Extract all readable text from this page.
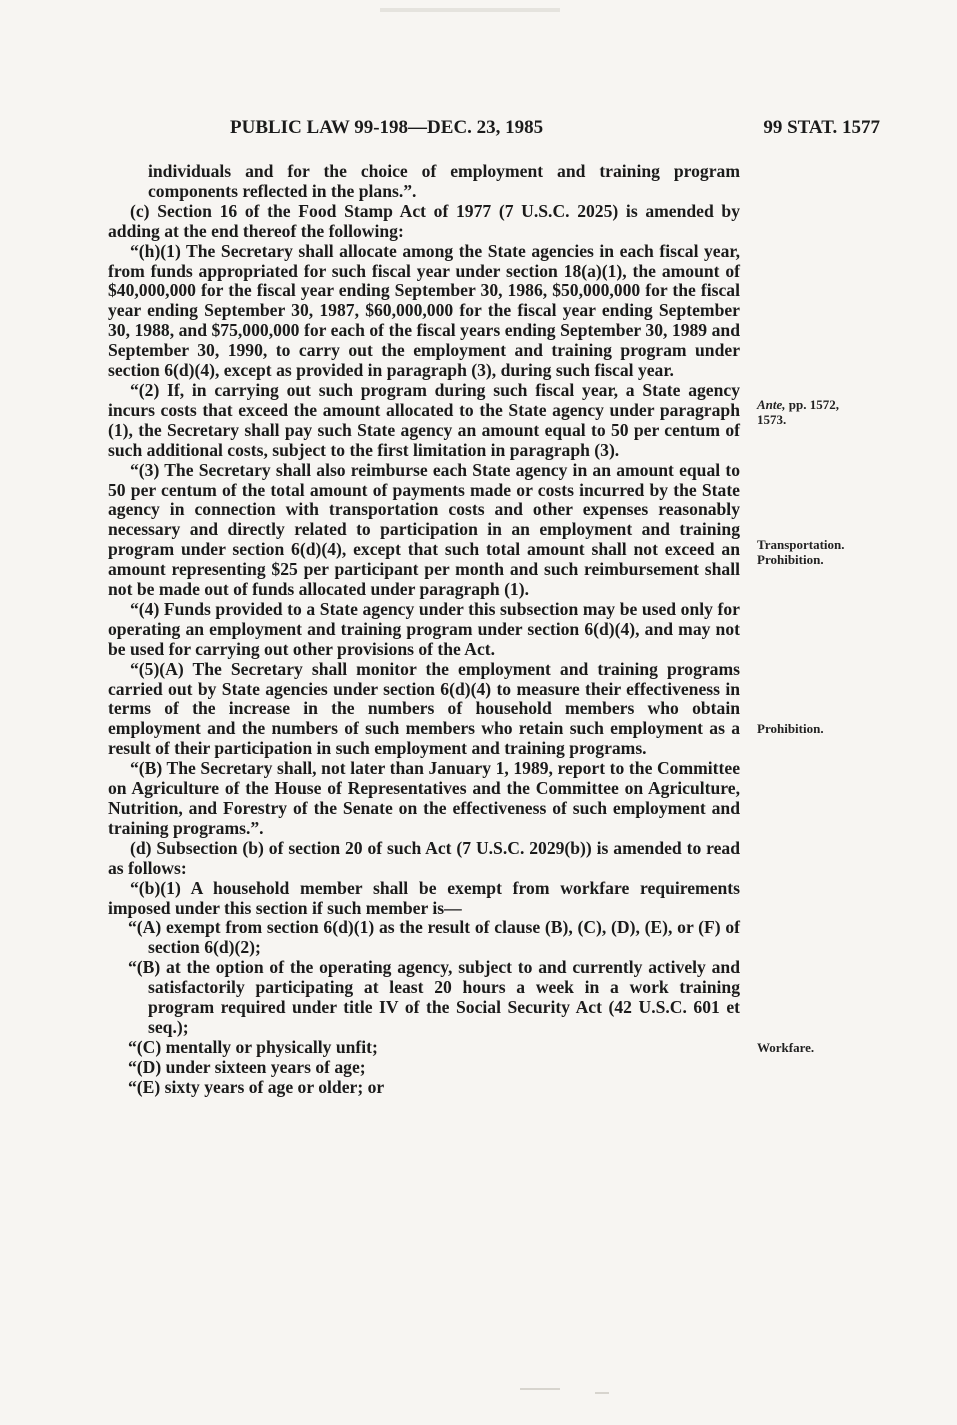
PUBLIC LAW 99-198—DEC. 23, 1985	99 STAT. 1577

individuals and for the choice of employment and training program components reflected in the plans.”.

(c) Section 16 of the Food Stamp Act of 1977 (7 U.S.C. 2025) is amended by adding at the end thereof the following:

“(h)(1) The Secretary shall allocate among the State agencies in each fiscal year, from funds appropriated for such fiscal year under section 18(a)(1), the amount of $40,000,000 for the fiscal year ending September 30, 1986, $50,000,000 for the fiscal year ending September 30, 1987, $60,000,000 for the fiscal year ending September 30, 1988, and $75,000,000 for each of the fiscal years ending September 30, 1989 and September 30, 1990, to carry out the employment and training program under section 6(d)(4), except as provided in paragraph (3), during such fiscal year.

“(2) If, in carrying out such program during such fiscal year, a State agency incurs costs that exceed the amount allocated to the State agency under paragraph (1), the Secretary shall pay such State agency an amount equal to 50 per centum of such additional costs, subject to the first limitation in paragraph (3).

“(3) The Secretary shall also reimburse each State agency in an amount equal to 50 per centum of the total amount of payments made or costs incurred by the State agency in connection with transportation costs and other expenses reasonably necessary and directly related to participation in an employment and training program under section 6(d)(4), except that such total amount shall not exceed an amount representing $25 per participant per month and such reimbursement shall not be made out of funds allocated under paragraph (1).

“(4) Funds provided to a State agency under this subsection may be used only for operating an employment and training program under section 6(d)(4), and may not be used for carrying out other provisions of the Act.

“(5)(A) The Secretary shall monitor the employment and training programs carried out by State agencies under section 6(d)(4) to measure their effectiveness in terms of the increase in the numbers of household members who obtain employment and the numbers of such members who retain such employment as a result of their participation in such employment and training programs.

“(B) The Secretary shall, not later than January 1, 1989, report to the Committee on Agriculture of the House of Representatives and the Committee on Agriculture, Nutrition, and Forestry of the Senate on the effectiveness of such employment and training programs.”.

(d) Subsection (b) of section 20 of such Act (7 U.S.C. 2029(b)) is amended to read as follows:

“(b)(1) A household member shall be exempt from workfare requirements imposed under this section if such member is—

“(A) exempt from section 6(d)(1) as the result of clause (B), (C), (D), (E), or (F) of section 6(d)(2);

“(B) at the option of the operating agency, subject to and currently actively and satisfactorily participating at least 20 hours a week in a work training program required under title IV of the Social Security Act (42 U.S.C. 601 et seq.);

“(C) mentally or physically unfit;

“(D) under sixteen years of age;

“(E) sixty years of age or older; or

Ante, pp. 1572,
1573.
Transportation.
Prohibition.
Prohibition.
Workfare.
